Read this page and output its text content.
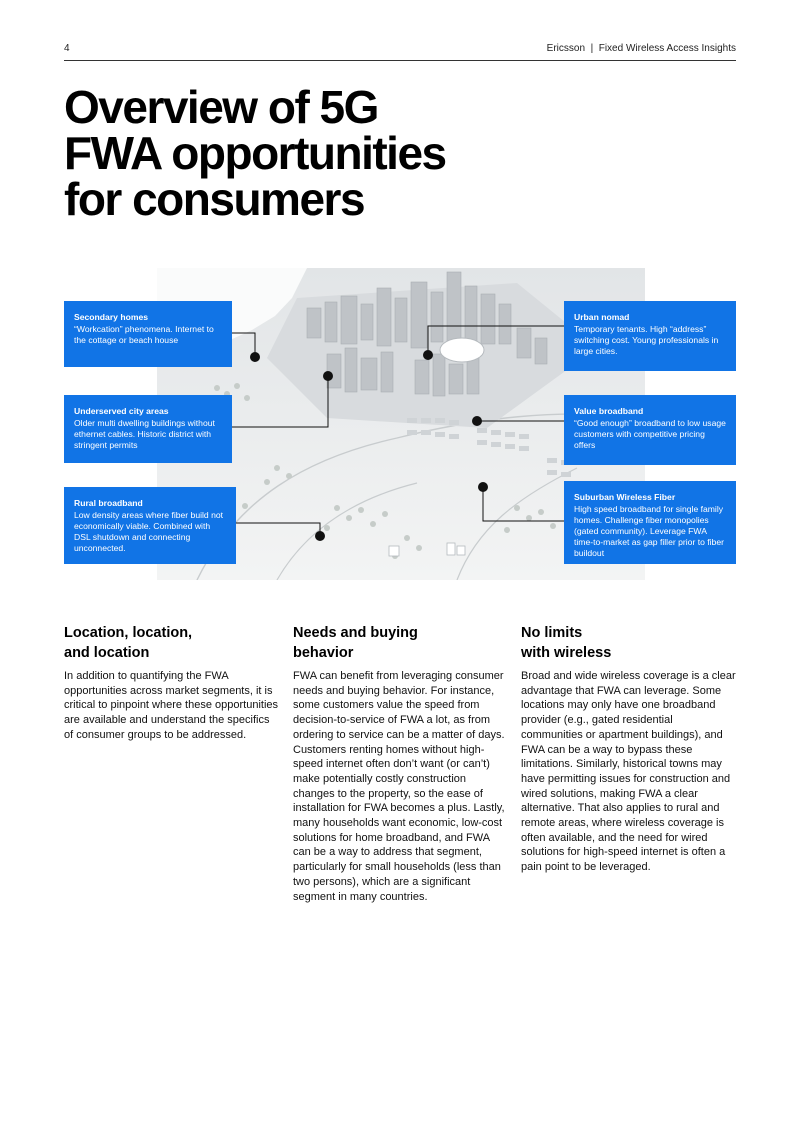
4	Ericsson  |  Fixed Wireless Access Insights
Overview of 5G
FWA opportunities
for consumers
Secondary homes
“Workcation” phenomena. Internet to the cottage or beach house
Underserved city areas
Older multi dwelling buildings without ethernet cables. Historic district with stringent permits
Rural broadband
Low density areas where fiber build not economically viable. Combined with DSL shutdown and connecting unconnected.
Urban nomad
Temporary tenants. High “address” switching cost. Young professionals in large cities.
Value broadband
“Good enough” broadband to low usage customers with competitive pricing offers
Suburban Wireless Fiber
High speed broadband for single family homes. Challenge fiber monopolies (gated community). Leverage FWA time-to-market as gap filler prior to fiber buildout
Location, location,
and location

In addition to quantifying the FWA opportunities across market segments, it is critical to pinpoint where these opportunities are available and understand the specifics of consumer groups to be addressed.

Needs and buying
behavior

FWA can benefit from leveraging consumer needs and buying behavior. For instance, some customers value the speed from decision-to-service of FWA a lot, as from ordering to service can be a matter of days. Customers renting homes without high-speed internet often don’t want (or can’t) make potentially costly construction changes to the property, so the ease of installation for FWA becomes a plus. Lastly, many households want economic, low-cost solutions for home broadband, and FWA can be a way to address that segment, particularly for small households (less than two persons), which are a significant segment in many countries.

No limits
with wireless

Broad and wide wireless coverage is a clear advantage that FWA can leverage. Some locations may only have one broadband provider (e.g., gated residential communities or apartment buildings), and FWA can be a way to bypass these limitations. Similarly, historical towns may have permitting issues for construction and wired solutions, making FWA a clear alternative. That also applies to rural and remote areas, where wireless coverage is often available, and the need for wired solutions for high-speed internet is often a pain point to be leveraged.
